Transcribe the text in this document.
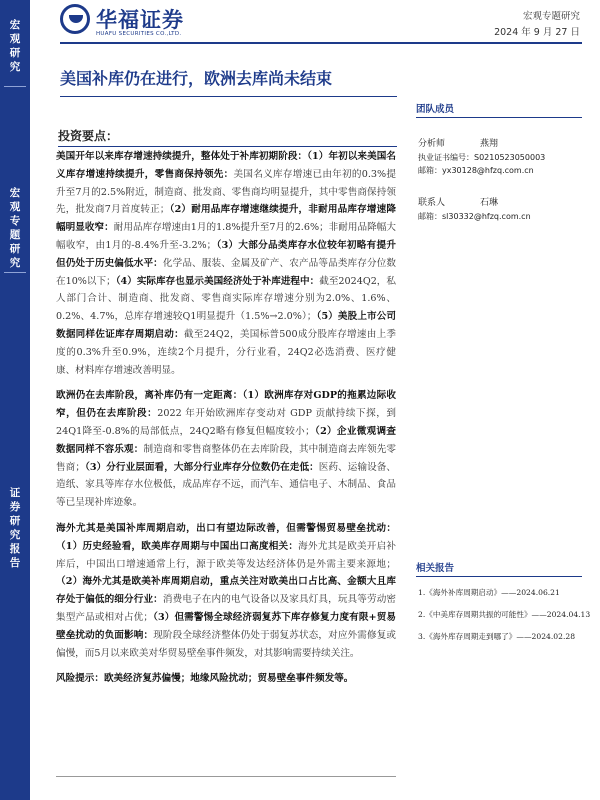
宏
观
研
究
宏
观
专
题
研
究
证
券
研
究
报
告
华福证券
HUAFU SECURITIES CO.,LTD.
宏观专题研究
2024 年 9 月 27 日
美国补库仍在进行，欧洲去库尚未结束
团队成员
分析师	燕翔
执业证书编号：S0210523050003
邮箱：yx30128@hfzq.com.cn
联系人	石琳
邮箱：sl30332@hfzq.com.cn
相关报告
1.《海外补库周期启动》——2024.06.21
2.《中美库存周期共振的可能性》——2024.04.13
3.《海外库存周期走到哪了》——2024.02.28
投资要点：

美国开年以来库存增速持续提升，整体处于补库初期阶段：（1）年初以来美国名义库存增速持续提升，零售商保持领先：美国名义库存增速已由年初的0.3%提升至7月的2.5%附近，制造商、批发商、零售商均明显提升，其中零售商保持领先，批发商7月首度转正；（2）耐用品库存增速继续提升，非耐用品库存增速降幅明显收窄：耐用品库存增速由1月的1.8%提升至7月的2.6%；非耐用品降幅大幅收窄，由1月的-8.4%升至-3.2%；（3）大部分品类库存水位较年初略有提升但仍处于历史偏低水平：化学品、服装、金属及矿产、农产品等品类库存分位数在10%以下；（4）实际库存也显示美国经济处于补库进程中：截至2024Q2，私人部门合计、制造商、批发商、零售商实际库存增速分别为2.0%、1.6%、0.2%、4.7%，总库存增速较Q1明显提升（1.5%→2.0%）；（5）美股上市公司数据同样佐证库存周期启动：截至24Q2，美国标普500成分股库存增速由上季度的0.3%升至0.9%，连续2个月提升，分行业看，24Q2必选消费、医疗健康、材料库存增速改善明显。

欧洲仍在去库阶段，离补库仍有一定距离：（1）欧洲库存对GDP的拖累边际收窄，但仍在去库阶段：2022 年开始欧洲库存变动对 GDP 贡献持续下探，到24Q1降至-0.8%的局部低点，24Q2略有修复但幅度较小；（2）企业微观调查数据同样不容乐观：制造商和零售商整体仍在去库阶段，其中制造商去库领先零售商；（3）分行业层面看，大部分行业库存分位数仍在走低：医药、运输设备、造纸、家具等库存水位极低，成品库存不远，而汽车、通信电子、木制品、食品等已呈现补库迹象。

海外尤其是美国补库周期启动，出口有望边际改善，但需警惕贸易壁垒扰动：（1）历史经验看，欧美库存周期与中国出口高度相关：海外尤其是欧美开启补库后，中国出口增速通常上行，源于欧美等发达经济体仍是外需主要来源地；（2）海外尤其是欧美补库周期启动，重点关注对欧美出口占比高、金额大且库存处于偏低的细分行业：消费电子在内的电气设备以及家具灯具，玩具等劳动密集型产品或相对占优；（3）但需警惕全球经济弱复苏下库存修复力度有限+贸易壁垒扰动的负面影响：现阶段全球经济整体仍处于弱复苏状态，对应外需修复或偏慢，而5月以来欧美对华贸易壁垒事件频发，对其影响需要持续关注。

风险提示：欧美经济复苏偏慢；地缘风险扰动；贸易壁垒事件频发等。
